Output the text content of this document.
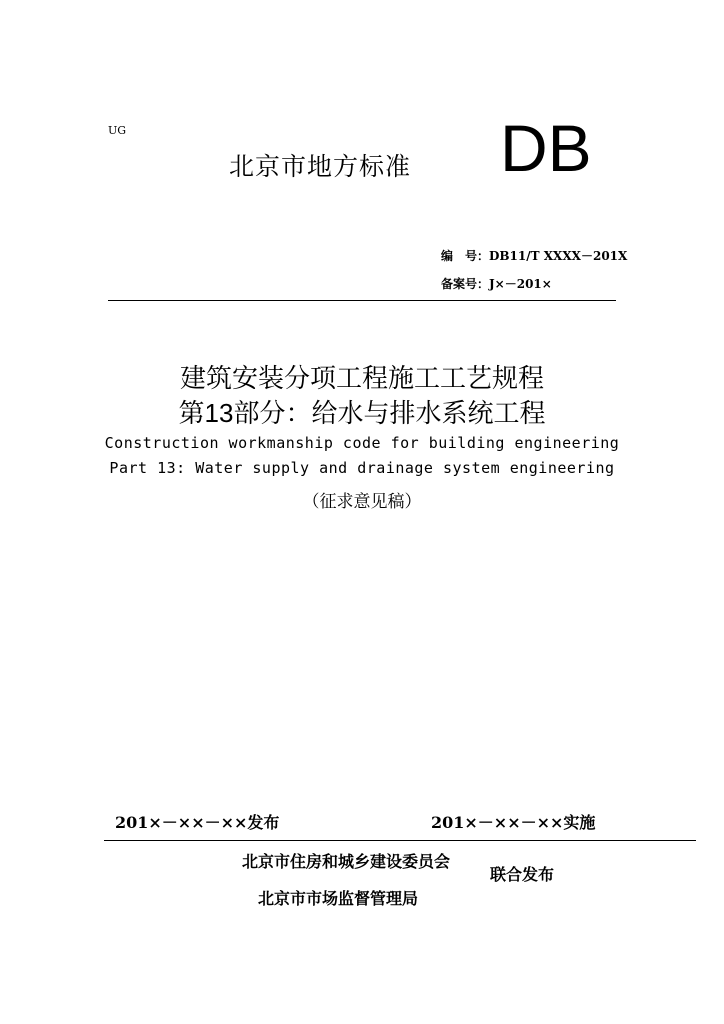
UG
北京市地方标准 DB
编　号：DB11/T XXXX－201X
备案号：J×－201×
建筑安装分项工程施工工艺规程
第13部分：给水与排水系统工程
Construction workmanship code for building engineering
Part 13: Water supply and drainage system engineering
（征求意见稿）
201×－××－××发布	201×－××－××实施
北京市住房和城乡建设委员会
联合发布
北京市市场监督管理局
